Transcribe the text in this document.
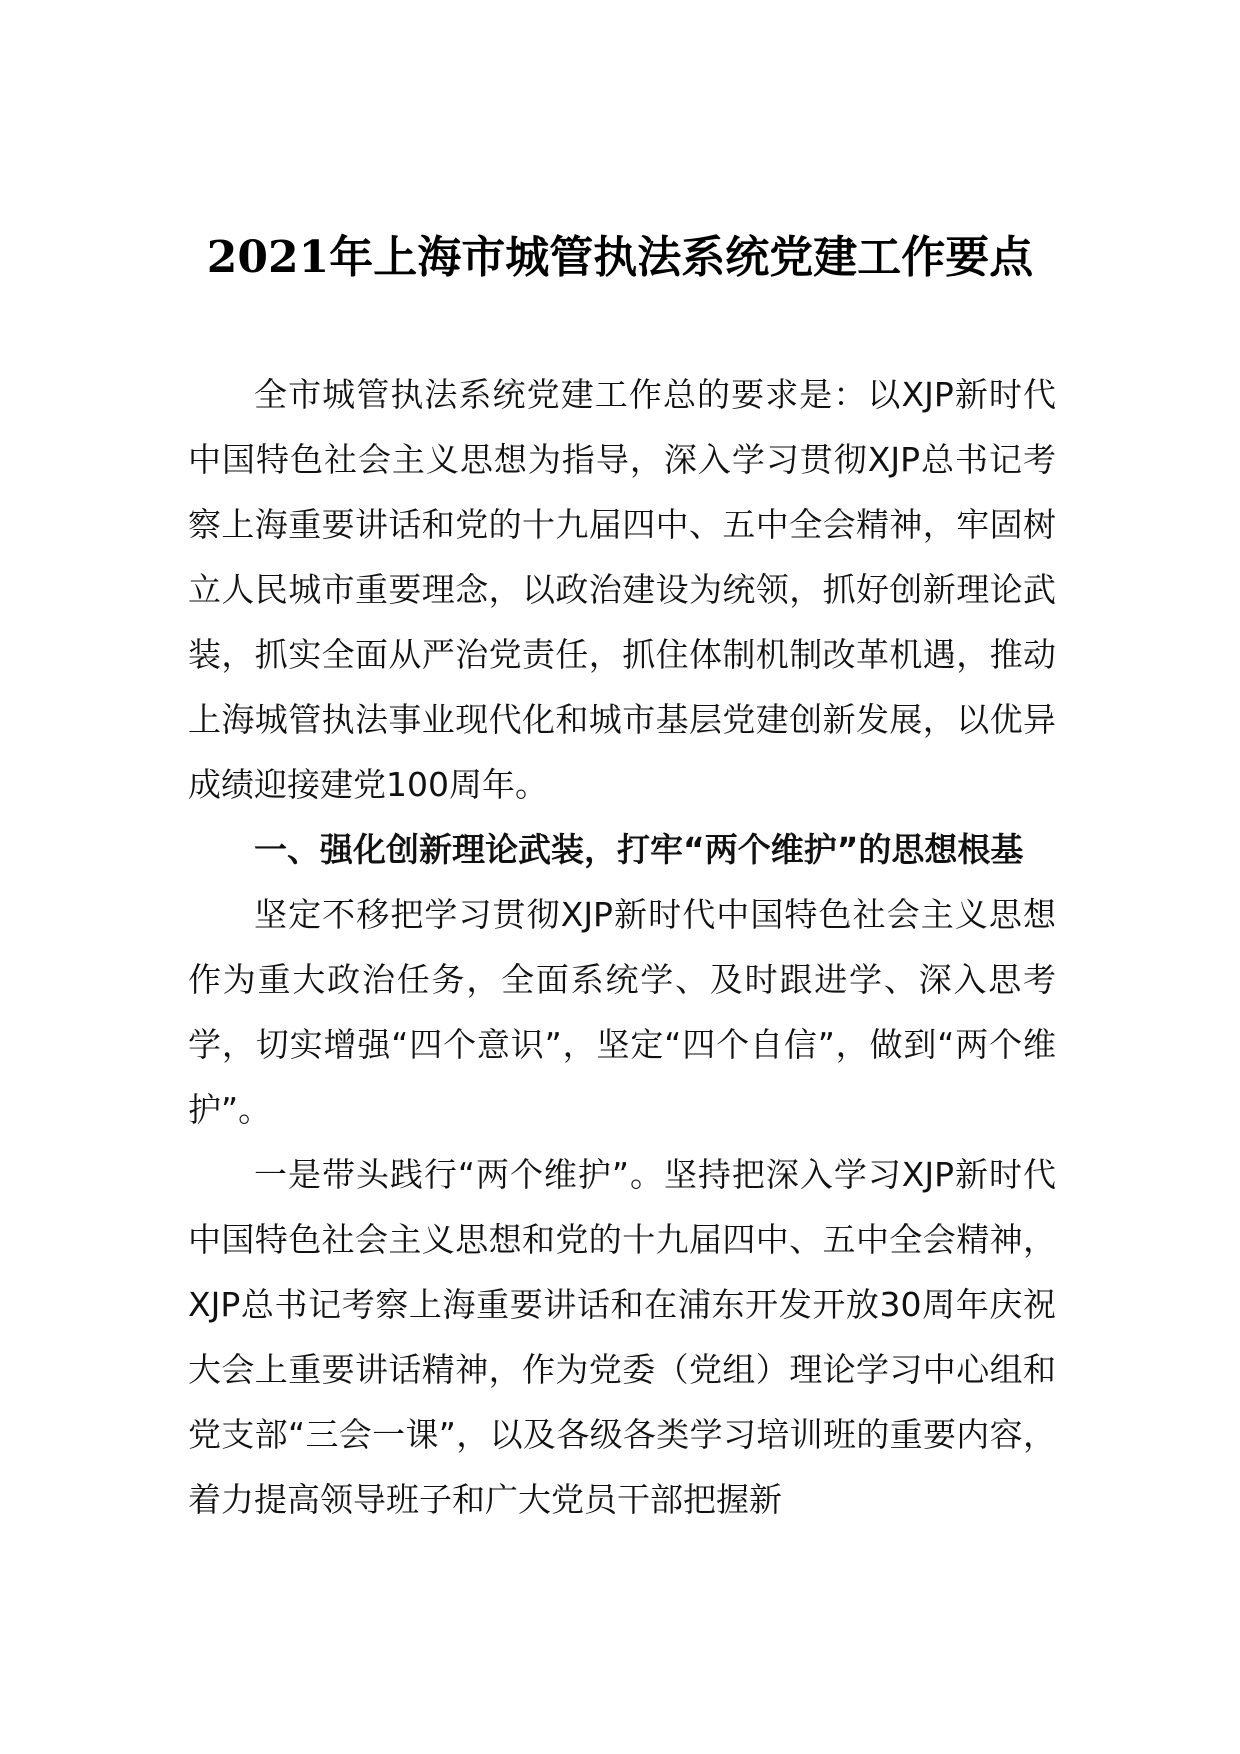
2021年上海市城管执法系统党建工作要点

全市城管执法系统党建工作总的要求是：以XJP新时代中国特色社会主义思想为指导，深入学习贯彻XJP总书记考察上海重要讲话和党的十九届四中、五中全会精神，牢固树立人民城市重要理念，以政治建设为统领，抓好创新理论武装，抓实全面从严治党责任，抓住体制机制改革机遇，推动上海城管执法事业现代化和城市基层党建创新发展，以优异成绩迎接建党100周年。

一、强化创新理论武装，打牢“两个维护”的思想根基

坚定不移把学习贯彻XJP新时代中国特色社会主义思想作为重大政治任务，全面系统学、及时跟进学、深入思考学，切实增强“四个意识”，坚定“四个自信”，做到“两个维护”。

一是带头践行“两个维护”。坚持把深入学习XJP新时代中国特色社会主义思想和党的十九届四中、五中全会精神，XJP总书记考察上海重要讲话和在浦东开发开放30周年庆祝大会上重要讲话精神，作为党委（党组）理论学习中心组和党支部“三会一课”，以及各级各类学习培训班的重要内容，着力提高领导班子和广大党员干部把握新
